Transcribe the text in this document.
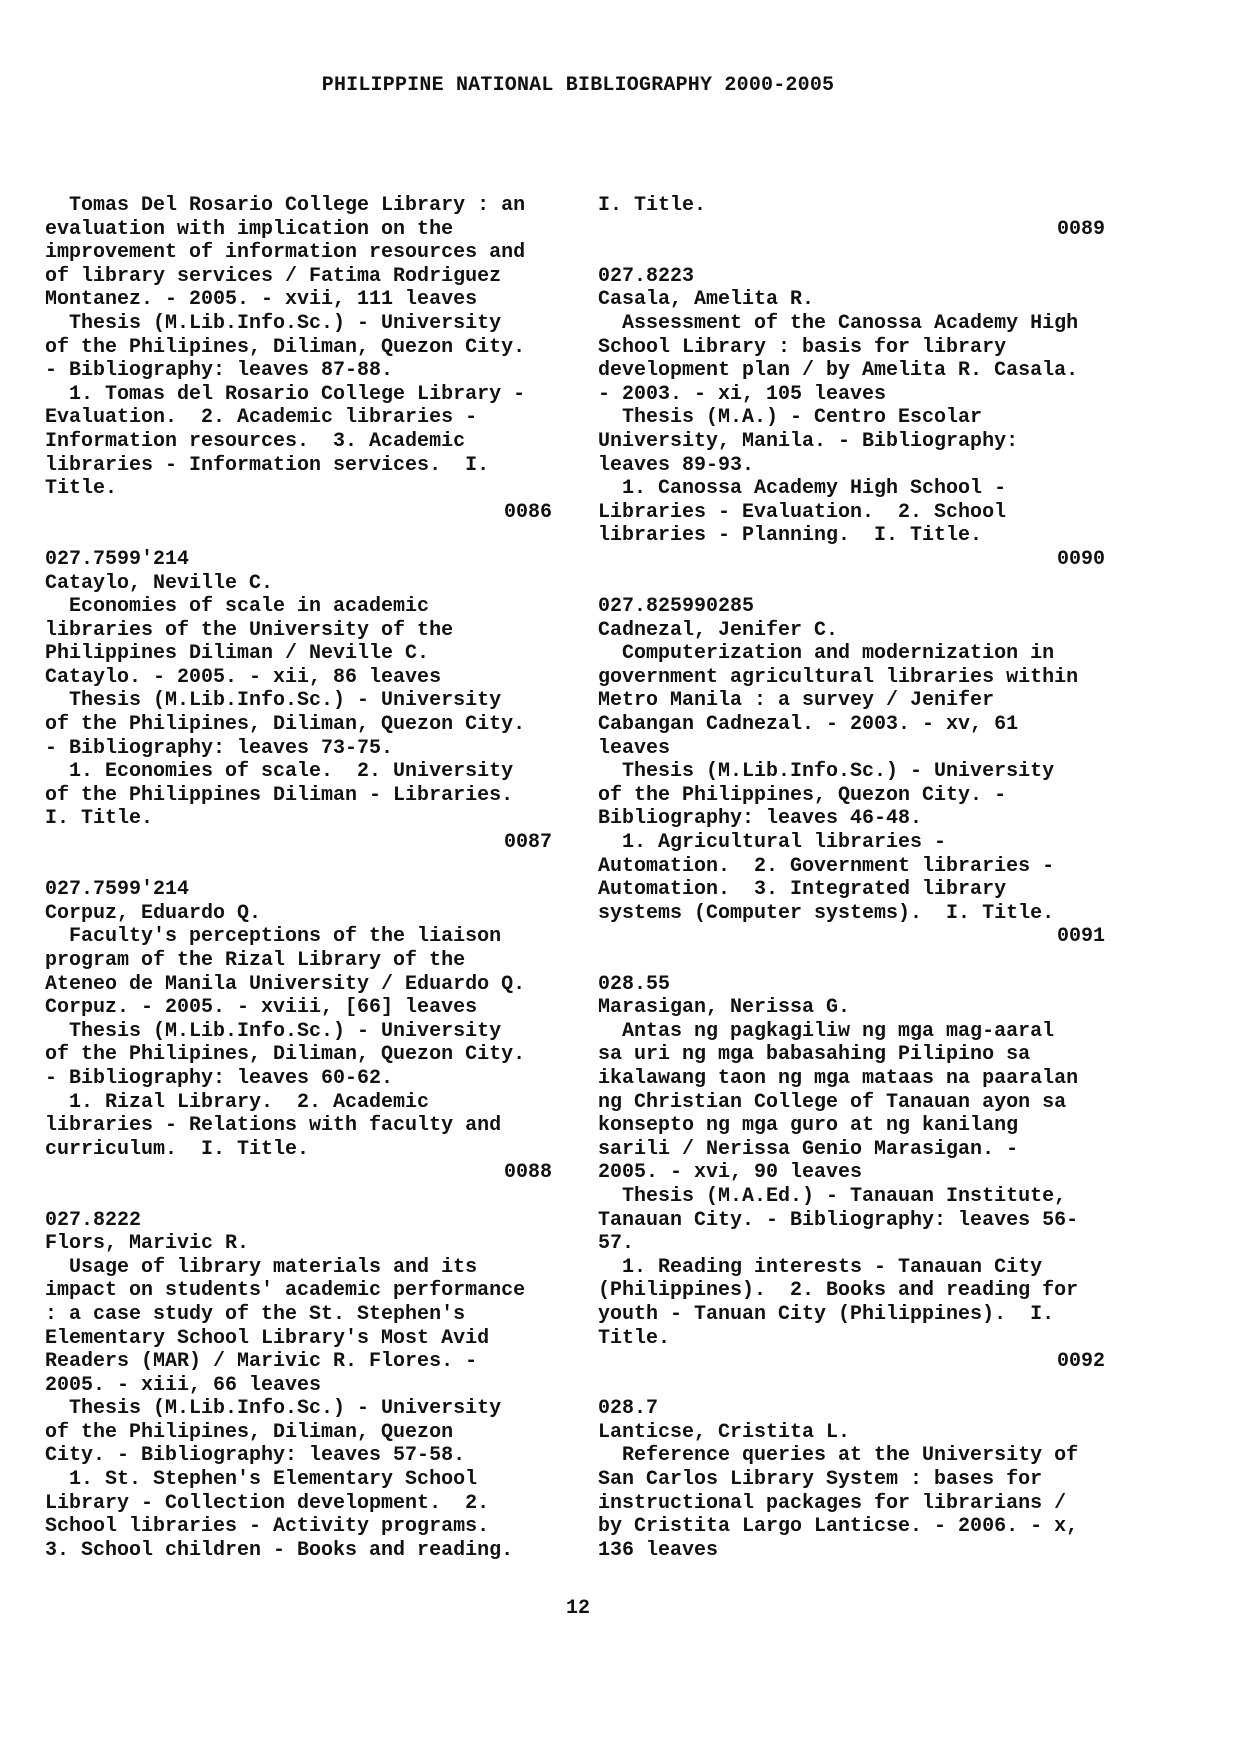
PHILIPPINE NATIONAL BIBLIOGRAPHY 2000-2005
Tomas Del Rosario College Library : an
evaluation with implication on the
improvement of information resources and
of library services / Fatima Rodriguez
Montanez. - 2005. - xvii, 111 leaves
Thesis (M.Lib.Info.Sc.) - University
of the Philipines, Diliman, Quezon City.
- Bibliography: leaves 87-88.
1. Tomas del Rosario College Library -
Evaluation.  2. Academic libraries -
Information resources.  3. Academic
libraries - Information services.  I.
Title.
0086
027.7599'214
Cataylo, Neville C.
Economies of scale in academic
libraries of the University of the
Philippines Diliman / Neville C.
Cataylo. - 2005. - xii, 86 leaves
Thesis (M.Lib.Info.Sc.) - University
of the Philipines, Diliman, Quezon City.
- Bibliography: leaves 73-75.
1. Economies of scale.  2. University
of the Philippines Diliman - Libraries.
I. Title.
0087
027.7599'214
Corpuz, Eduardo Q.
Faculty's perceptions of the liaison
program of the Rizal Library of the
Ateneo de Manila University / Eduardo Q.
Corpuz. - 2005. - xviii, [66] leaves
Thesis (M.Lib.Info.Sc.) - University
of the Philipines, Diliman, Quezon City.
- Bibliography: leaves 60-62.
1. Rizal Library.  2. Academic
libraries - Relations with faculty and
curriculum.  I. Title.
0088
027.8222
Flors, Marivic R.
Usage of library materials and its
impact on students' academic performance
: a case study of the St. Stephen's
Elementary School Library's Most Avid
Readers (MAR) / Marivic R. Flores. -
2005. - xiii, 66 leaves
Thesis (M.Lib.Info.Sc.) - University
of the Philipines, Diliman, Quezon
City. - Bibliography: leaves 57-58.
1. St. Stephen's Elementary School
Library - Collection development.  2.
School libraries - Activity programs.
3. School children - Books and reading.
I. Title.
0089
027.8223
Casala, Amelita R.
Assessment of the Canossa Academy High
School Library : basis for library
development plan / by Amelita R. Casala.
- 2003. - xi, 105 leaves
Thesis (M.A.) - Centro Escolar
University, Manila. - Bibliography:
leaves 89-93.
1. Canossa Academy High School -
Libraries - Evaluation.  2. School
libraries - Planning.  I. Title.
0090
027.825990285
Cadnezal, Jenifer C.
Computerization and modernization in
government agricultural libraries within
Metro Manila : a survey / Jenifer
Cabangan Cadnezal. - 2003. - xv, 61
leaves
Thesis (M.Lib.Info.Sc.) - University
of the Philippines, Quezon City. -
Bibliography: leaves 46-48.
1. Agricultural libraries -
Automation.  2. Government libraries -
Automation.  3. Integrated library
systems (Computer systems).  I. Title.
0091
028.55
Marasigan, Nerissa G.
Antas ng pagkagiliw ng mga mag-aaral
sa uri ng mga babasahing Pilipino sa
ikalawang taon ng mga mataas na paaralan
ng Christian College of Tanauan ayon sa
konsepto ng mga guro at ng kanilang
sarili / Nerissa Genio Marasigan. -
2005. - xvi, 90 leaves
Thesis (M.A.Ed.) - Tanauan Institute,
Tanauan City. - Bibliography: leaves 56-
57.
1. Reading interests - Tanauan City
(Philippines).  2. Books and reading for
youth - Tanuan City (Philippines).  I.
Title.
0092
028.7
Lanticse, Cristita L.
Reference queries at the University of
San Carlos Library System : bases for
instructional packages for librarians /
by Cristita Largo Lanticse. - 2006. - x,
136 leaves
12
